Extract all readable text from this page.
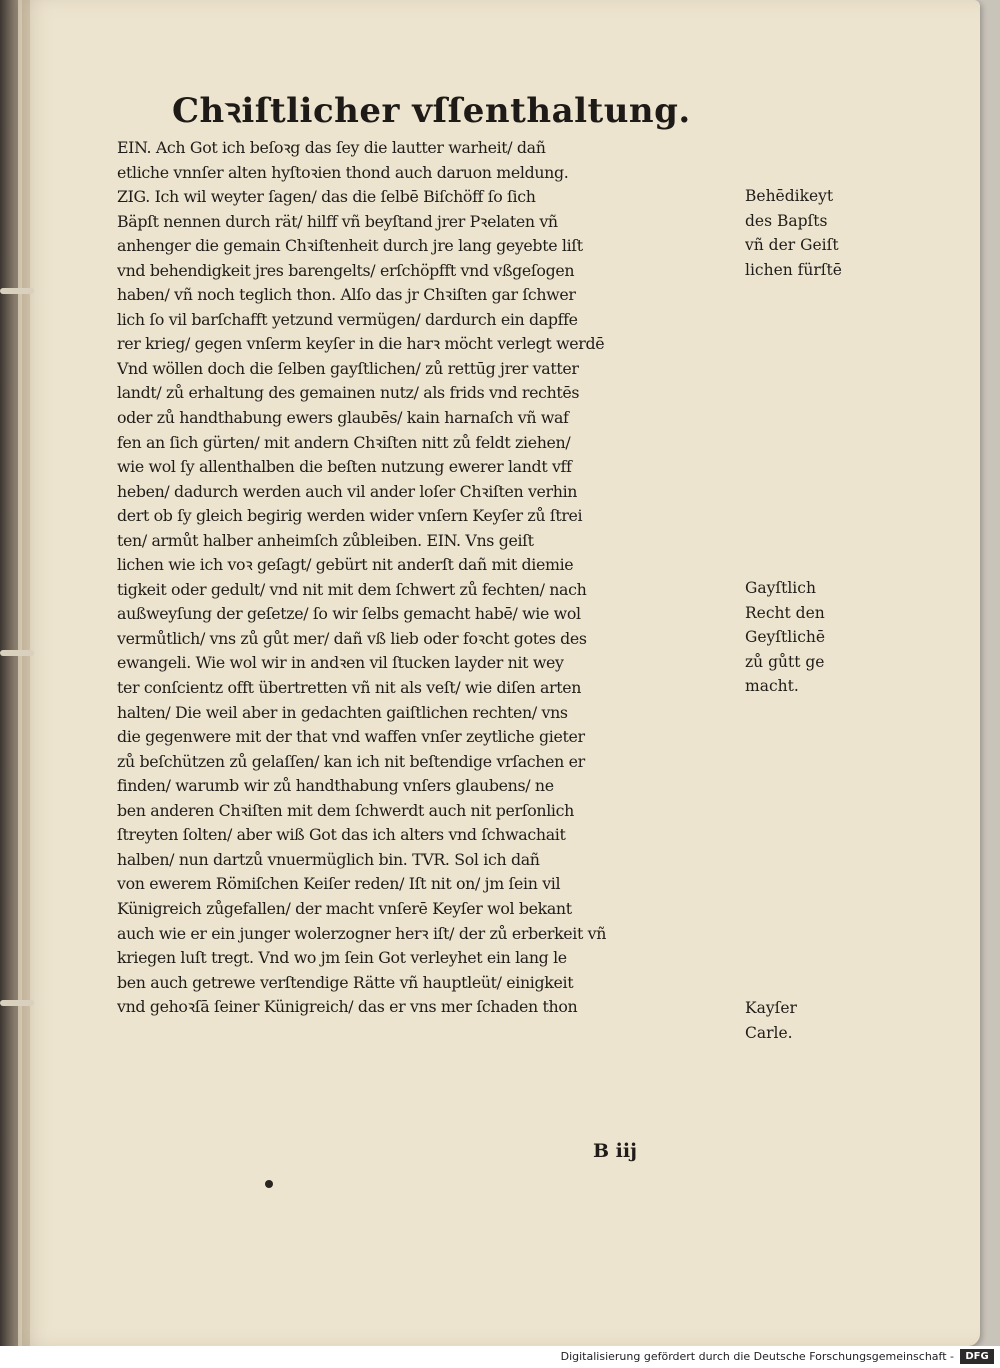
Chꝛiſtlicher vſſenthaltung.
EIN. Ach Got ich beſoꝛg das ſey die lautter warheit/ dañ
etliche vnnſer alten hyſtoꝛien thond auch daruon meldung.
ZIG. Ich wil weyter ſagen/ das die ſelbē Biſchöff ſo ſich
Bäpſt nennen durch rät/ hilff vñ beyſtand jrer Pꝛelaten vñ
anhenger die gemain Chꝛiſtenheit durch jre lang geyebte liſt
vnd behendigkeit jres barengelts/ erſchöpfft vnd vßgeſogen
haben/ vñ noch teglich thon. Alſo das jr Chꝛiſten gar ſchwer
lich ſo vil barſchafft yetzund vermügen/ dardurch ein dapffe
rer krieg/ gegen vnſerm keyſer in die harꝛ möcht verlegt werdē
Vnd wöllen doch die ſelben gayſtlichen/ zů rettūg jrer vatter
landt/ zů erhaltung des gemainen nutz/ als frids vnd rechtēs
oder zů handthabung ewers glaubēs/ kain harnaſch vñ waf
fen an ſich gürten/ mit andern Chꝛiſten nitt zů feldt ziehen/
wie wol ſy allenthalben die beſten nutzung ewerer landt vff
heben/ dadurch werden auch vil ander loſer Chꝛiſten verhin
dert ob ſy gleich begirig werden wider vnſern Keyſer zů ſtrei
ten/ armůt halber anheimſch zůbleiben. EIN. Vns geiſt
lichen wie ich voꝛ geſagt/ gebürt nit anderſt dañ mit diemie
tigkeit oder gedult/ vnd nit mit dem ſchwert zů fechten/ nach
außweyſung der geſetze/ ſo wir ſelbs gemacht habē/ wie wol
vermůtlich/ vns zů gůt mer/ dañ vß lieb oder foꝛcht gotes des
ewangeli. Wie wol wir in andꝛen vil ſtucken layder nit wey
ter conſcientz offt übertretten vñ nit als veſt/ wie diſen arten
halten/ Die weil aber in gedachten gaiſtlichen rechten/ vns
die gegenwere mit der that vnd waffen vnſer zeytliche gieter
zů beſchützen zů gelaſſen/ kan ich nit beſtendige vrſachen er
finden/ warumb wir zů handthabung vnſers glaubens/ ne
ben anderen Chꝛiſten mit dem ſchwerdt auch nit perſonlich
ſtreyten ſolten/ aber wiß Got das ich alters vnd ſchwachait
halben/ nun dartzů vnuermüglich bin. TVR. Sol ich dañ
von ewerem Römiſchen Keiſer reden/ Iſt nit on/ jm ſein vil
Künigreich zůgefallen/ der macht vnſerē Keyſer wol bekant
auch wie er ein junger wolerzogner herꝛ iſt/ der zů erberkeit vñ
kriegen luſt tregt. Vnd wo jm ſein Got verleyhet ein lang le
ben auch getrewe verſtendige Rätte vñ hauptleüt/ einigkeit
vnd gehoꝛſā ſeiner Künigreich/ das er vns mer ſchaden thon
Behēdikeyt
des Bapſts
vñ der Geiſt
lichen fürſtē
Gayſtlich
Recht den
Geyſtlichē
zů gůtt ge
macht.
Kayſer
Carle.
B iij
Digitalisierung gefördert durch die Deutsche Forschungsgemeinschaft -	DFG
